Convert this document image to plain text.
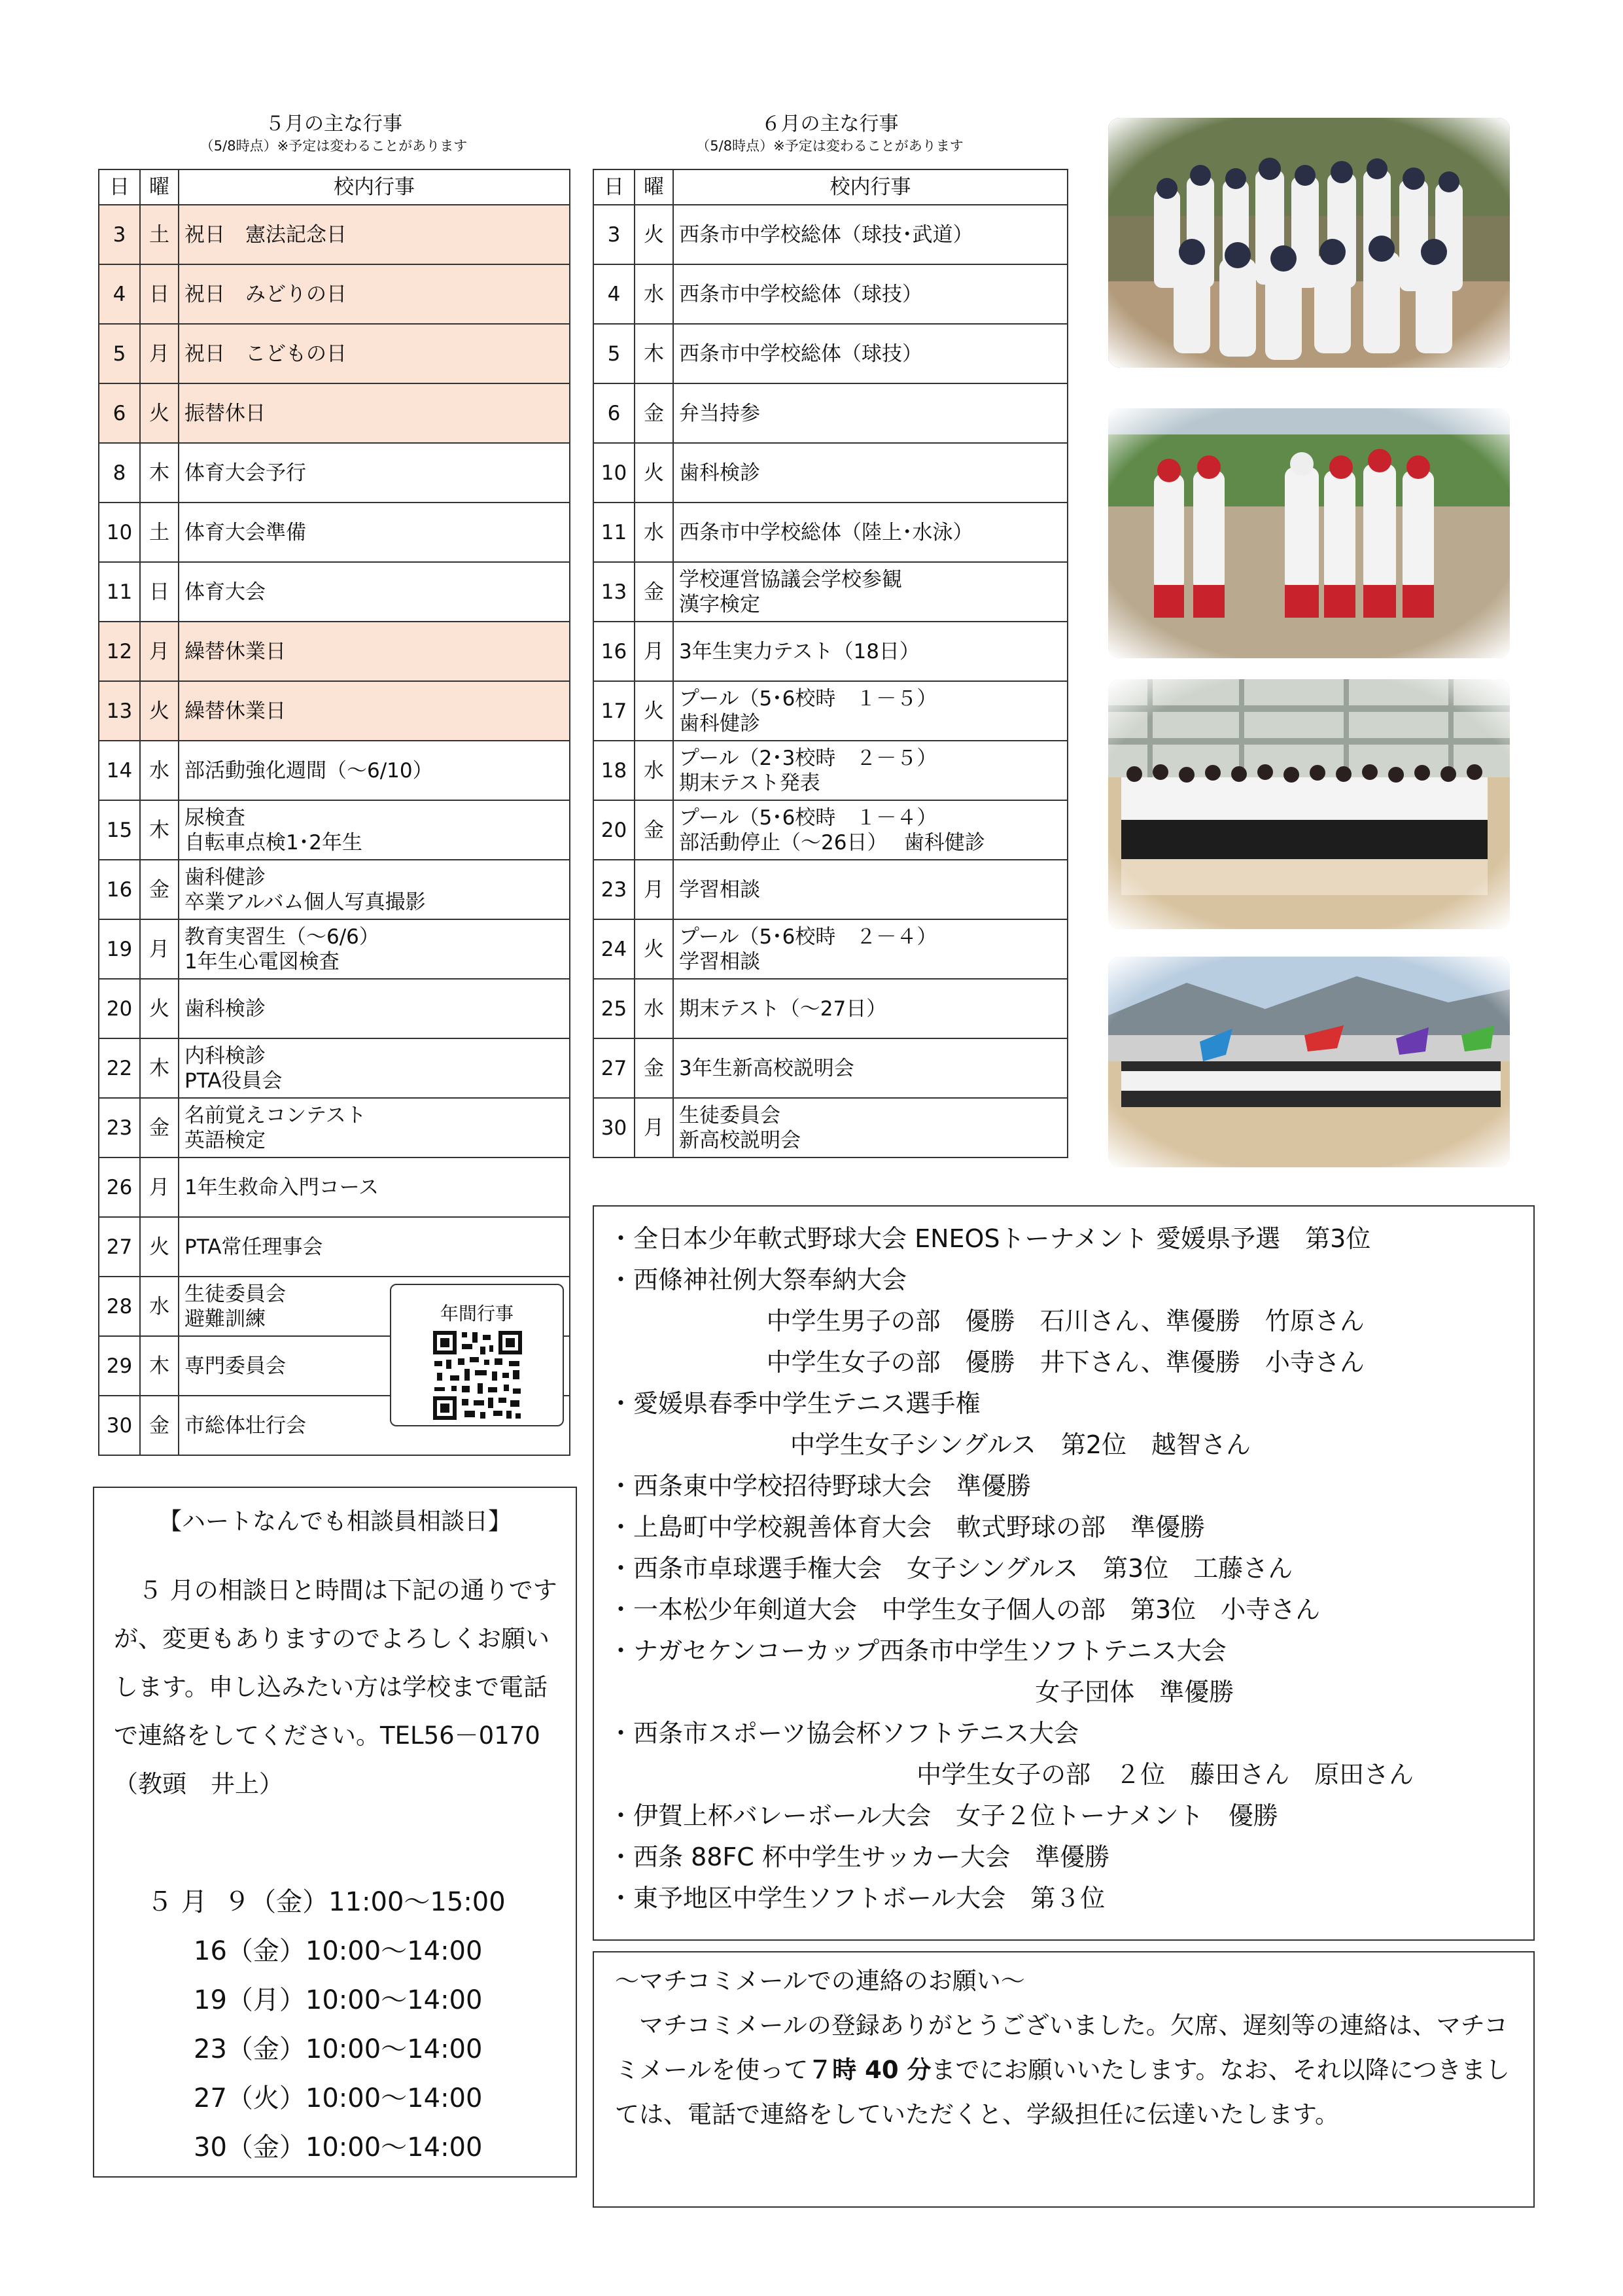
５月の主な行事
（5/8時点）※予定は変わることがあります
日	曜	校内行事
3	土	祝日　憲法記念日

4	日	祝日　みどりの日

5	月	祝日　こどもの日

6	火	振替休日

8	木	体育大会予行

10	土	体育大会準備

11	日	体育大会

12	月	繰替休業日

13	火	繰替休業日

14	水	部活動強化週間（～6/10）

15	木	尿検査
自転車点検1･2年生

16	金	歯科健診
卒業アルバム個人写真撮影

19	月	教育実習生（～6/6）
1年生心電図検査

20	火	歯科検診

22	木	内科検診
PTA役員会

23	金	名前覚えコンテスト
英語検定

26	月	1年生救命入門コース

27	火	PTA常任理事会

28	水	生徒委員会
避難訓練

29	木	専門委員会

30	金	市総体壮行会
６月の主な行事
（5/8時点）※予定は変わることがあります
日	曜	校内行事
3	火	西条市中学校総体（球技･武道）

4	水	西条市中学校総体（球技）

5	木	西条市中学校総体（球技）

6	金	弁当持参

10	火	歯科検診

11	水	西条市中学校総体（陸上･水泳）

13	金	学校運営協議会学校参観
漢字検定

16	月	3年生実力テスト（18日）

17	火	プール（5･6校時　１－５）
歯科健診

18	水	プール（2･3校時　２－５）
期末テスト発表

20	金	プール（5･6校時　１－４）
部活動停止（～26日）　 歯科健診

23	月	学習相談

24	火	プール（5･6校時　２－４）
学習相談

25	水	期末テスト（～27日）

27	金	3年生新高校説明会

30	月	生徒委員会
新高校説明会
年間行事
【ハートなんでも相談員相談日】
　５ 月の相談日と時間は下記の通りですが、変更もありますのでよろしくお願いします。申し込みたい方は学校まで電話で連絡をしてください。TEL56－0170（教頭　井上）
５ 月  ９（金）11:00～15:00
16（金）10:00～14:00
19（月）10:00～14:00
23（金）10:00～14:00
27（火）10:00～14:00
30（金）10:00～14:00
・全日本少年軟式野球大会 ENEOSトーナメント 愛媛県予選　第3位
・西條神社例大祭奉納大会
中学生男子の部　優勝　石川さん、準優勝　竹原さん
中学生女子の部　優勝　井下さん、準優勝　小寺さん
・愛媛県春季中学生テニス選手権
中学生女子シングルス　第2位　越智さん
・西条東中学校招待野球大会　準優勝
・上島町中学校親善体育大会　軟式野球の部　準優勝
・西条市卓球選手権大会　女子シングルス　第3位　工藤さん
・一本松少年剣道大会　中学生女子個人の部　第3位　小寺さん
・ナガセケンコーカップ西条市中学生ソフトテニス大会
女子団体　準優勝
・西条市スポーツ協会杯ソフトテニス大会
中学生女子の部　２位　藤田さん　原田さん
・伊賀上杯バレーボール大会　女子２位トーナメント　優勝
・西条 88FC 杯中学生サッカー大会　準優勝
・東予地区中学生ソフトボール大会　第３位
～マチコミメールでの連絡のお願い～
　マチコミメールの登録ありがとうございました。欠席、遅刻等の連絡は、マチコミメールを使って７時 40 分までにお願いいたします。なお、それ以降につきましては、電話で連絡をしていただくと、学級担任に伝達いたします。
